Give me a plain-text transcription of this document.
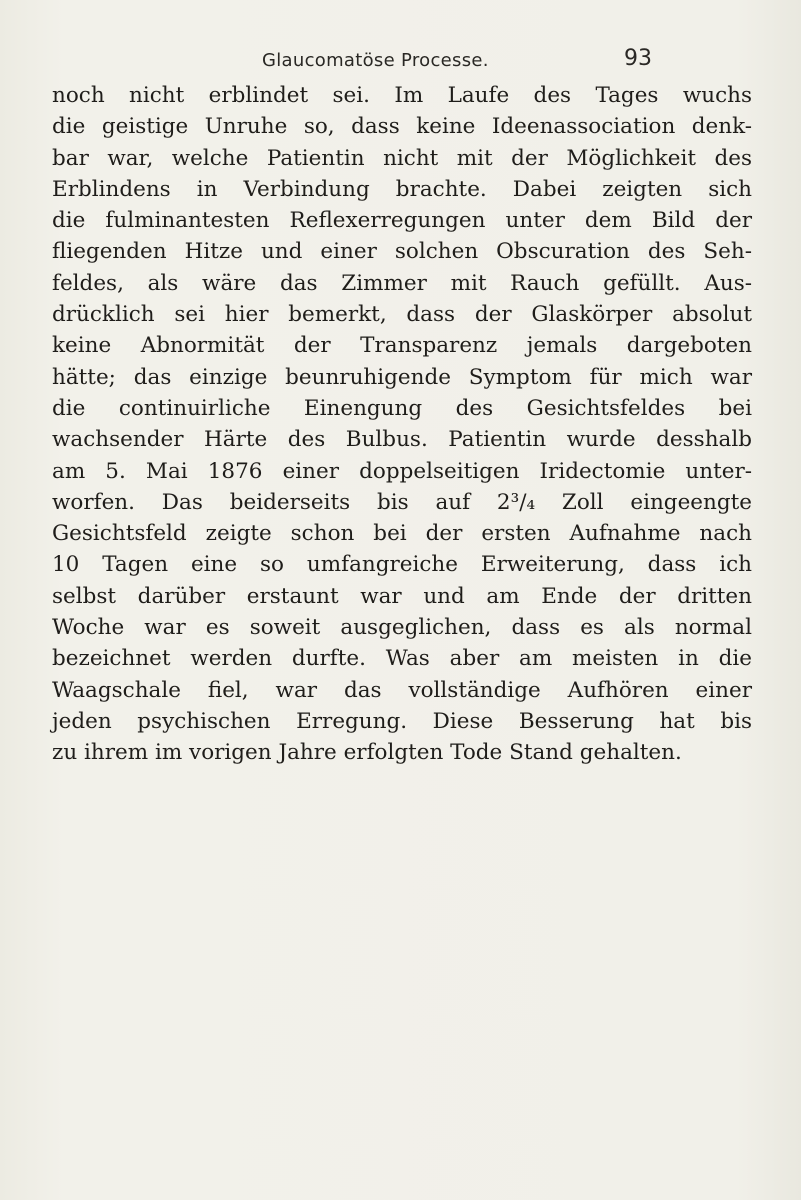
Glaucomatöse Processe.	93
noch nicht erblindet sei. Im Laufe des Tages wuchs
die geistige Unruhe so, dass keine Ideenassociation denk-
bar war, welche Patientin nicht mit der Möglichkeit des
Erblindens in Verbindung brachte. Dabei zeigten sich
die fulminantesten Reflexerregungen unter dem Bild der
fliegenden Hitze und einer solchen Obscuration des Seh-
feldes, als wäre das Zimmer mit Rauch gefüllt. Aus-
drücklich sei hier bemerkt, dass der Glaskörper absolut
keine Abnormität der Transparenz jemals dargeboten
hätte; das einzige beunruhigende Symptom für mich war
die continuirliche Einengung des Gesichtsfeldes bei
wachsender Härte des Bulbus. Patientin wurde desshalb
am 5. Mai 1876 einer doppelseitigen Iridectomie unter-
worfen. Das beiderseits bis auf 2³/₄ Zoll eingeengte
Gesichtsfeld zeigte schon bei der ersten Aufnahme nach
10 Tagen eine so umfangreiche Erweiterung, dass ich
selbst darüber erstaunt war und am Ende der dritten
Woche war es soweit ausgeglichen, dass es als normal
bezeichnet werden durfte. Was aber am meisten in die
Waagschale fiel, war das vollständige Aufhören einer
jeden psychischen Erregung. Diese Besserung hat bis
zu ihrem im vorigen Jahre erfolgten Tode Stand gehalten.
